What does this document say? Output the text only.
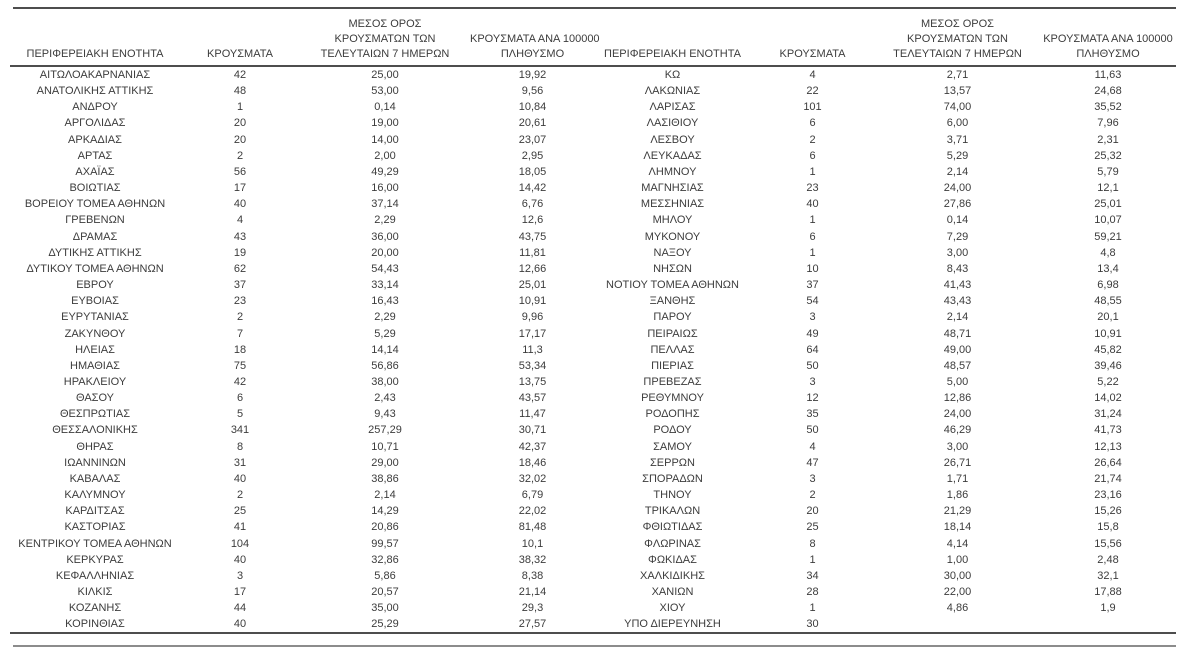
ΠΕΡΙΦΕΡΕΙΑΚΗ ΕΝΟΤΗΤΑ	ΚΡΟΥΣΜΑΤΑ

ΜΕΣΟΣ ΟΡΟΣ
ΚΡΟΥΣΜΑΤΩΝ ΤΩΝ
ΤΕΛΕΥΤΑΙΩΝ 7 ΗΜΕΡΩΝ

ΚΡΟΥΣΜΑΤΑ ΑΝΑ 100000
ΠΛΗΘΥΣΜΟ	ΠΕΡΙΦΕΡΕΙΑΚΗ ΕΝΟΤΗΤΑ	ΚΡΟΥΣΜΑΤΑ

ΜΕΣΟΣ ΟΡΟΣ
ΚΡΟΥΣΜΑΤΩΝ ΤΩΝ
ΤΕΛΕΥΤΑΙΩΝ 7 ΗΜΕΡΩΝ

ΚΡΟΥΣΜΑΤΑ ΑΝΑ 100000
ΠΛΗΘΥΣΜΟ

ΑΙΤΩΛΟΑΚΑΡΝΑΝΙΑΣ	42	25,00	19,92	ΚΩ	4	2,71	11,63
ΑΝΑΤΟΛΙΚΗΣ ΑΤΤΙΚΗΣ	48	53,00	9,56	ΛΑΚΩΝΙΑΣ	22	13,57	24,68
ΑΝΔΡΟΥ	1	0,14	10,84	ΛΑΡΙΣΑΣ	101	74,00	35,52
ΑΡΓΟΛΙΔΑΣ	20	19,00	20,61	ΛΑΣΙΘΙΟΥ	6	6,00	7,96
ΑΡΚΑΔΙΑΣ	20	14,00	23,07	ΛΕΣΒΟΥ	2	3,71	2,31
ΑΡΤΑΣ	2	2,00	2,95	ΛΕΥΚΑΔΑΣ	6	5,29	25,32
ΑΧΑΪΑΣ	56	49,29	18,05	ΛΗΜΝΟΥ	1	2,14	5,79
ΒΟΙΩΤΙΑΣ	17	16,00	14,42	ΜΑΓΝΗΣΙΑΣ	23	24,00	12,1
ΒΟΡΕΙΟΥ ΤΟΜΕΑ ΑΘΗΝΩΝ	40	37,14	6,76	ΜΕΣΣΗΝΙΑΣ	40	27,86	25,01
ΓΡΕΒΕΝΩΝ	4	2,29	12,6	ΜΗΛΟΥ	1	0,14	10,07
ΔΡΑΜΑΣ	43	36,00	43,75	ΜΥΚΟΝΟΥ	6	7,29	59,21
ΔΥΤΙΚΗΣ ΑΤΤΙΚΗΣ	19	20,00	11,81	ΝΑΞΟΥ	1	3,00	4,8
ΔΥΤΙΚΟΥ ΤΟΜΕΑ ΑΘΗΝΩΝ	62	54,43	12,66	ΝΗΣΩΝ	10	8,43	13,4
ΕΒΡΟΥ	37	33,14	25,01	ΝΟΤΙΟΥ ΤΟΜΕΑ ΑΘΗΝΩΝ	37	41,43	6,98
ΕΥΒΟΙΑΣ	23	16,43	10,91	ΞΑΝΘΗΣ	54	43,43	48,55
ΕΥΡΥΤΑΝΙΑΣ	2	2,29	9,96	ΠΑΡΟΥ	3	2,14	20,1
ΖΑΚΥΝΘΟΥ	7	5,29	17,17	ΠΕΙΡΑΙΩΣ	49	48,71	10,91
ΗΛΕΙΑΣ	18	14,14	11,3	ΠΕΛΛΑΣ	64	49,00	45,82
ΗΜΑΘΙΑΣ	75	56,86	53,34	ΠΙΕΡΙΑΣ	50	48,57	39,46
ΗΡΑΚΛΕΙΟΥ	42	38,00	13,75	ΠΡΕΒΕΖΑΣ	3	5,00	5,22
ΘΑΣΟΥ	6	2,43	43,57	ΡΕΘΥΜΝΟΥ	12	12,86	14,02
ΘΕΣΠΡΩΤΙΑΣ	5	9,43	11,47	ΡΟΔΟΠΗΣ	35	24,00	31,24
ΘΕΣΣΑΛΟΝΙΚΗΣ	341	257,29	30,71	ΡΟΔΟΥ	50	46,29	41,73
ΘΗΡΑΣ	8	10,71	42,37	ΣΑΜΟΥ	4	3,00	12,13
ΙΩΑΝΝΙΝΩΝ	31	29,00	18,46	ΣΕΡΡΩΝ	47	26,71	26,64
ΚΑΒΑΛΑΣ	40	38,86	32,02	ΣΠΟΡΑΔΩΝ	3	1,71	21,74
ΚΑΛΥΜΝΟΥ	2	2,14	6,79	ΤΗΝΟΥ	2	1,86	23,16
ΚΑΡΔΙΤΣΑΣ	25	14,29	22,02	ΤΡΙΚΑΛΩΝ	20	21,29	15,26
ΚΑΣΤΟΡΙΑΣ	41	20,86	81,48	ΦΘΙΩΤΙΔΑΣ	25	18,14	15,8
ΚΕΝΤΡΙΚΟΥ ΤΟΜΕΑ ΑΘΗΝΩΝ	104	99,57	10,1	ΦΛΩΡΙΝΑΣ	8	4,14	15,56
ΚΕΡΚΥΡΑΣ	40	32,86	38,32	ΦΩΚΙΔΑΣ	1	1,00	2,48
ΚΕΦΑΛΛΗΝΙΑΣ	3	5,86	8,38	ΧΑΛΚΙΔΙΚΗΣ	34	30,00	32,1
ΚΙΛΚΙΣ	17	20,57	21,14	ΧΑΝΙΩΝ	28	22,00	17,88
ΚΟΖΑΝΗΣ	44	35,00	29,3	ΧΙΟΥ	1	4,86	1,9
ΚΟΡΙΝΘΙΑΣ	40	25,29	27,57	ΥΠΟ ΔΙΕΡΕΥΝΗΣΗ	30		
